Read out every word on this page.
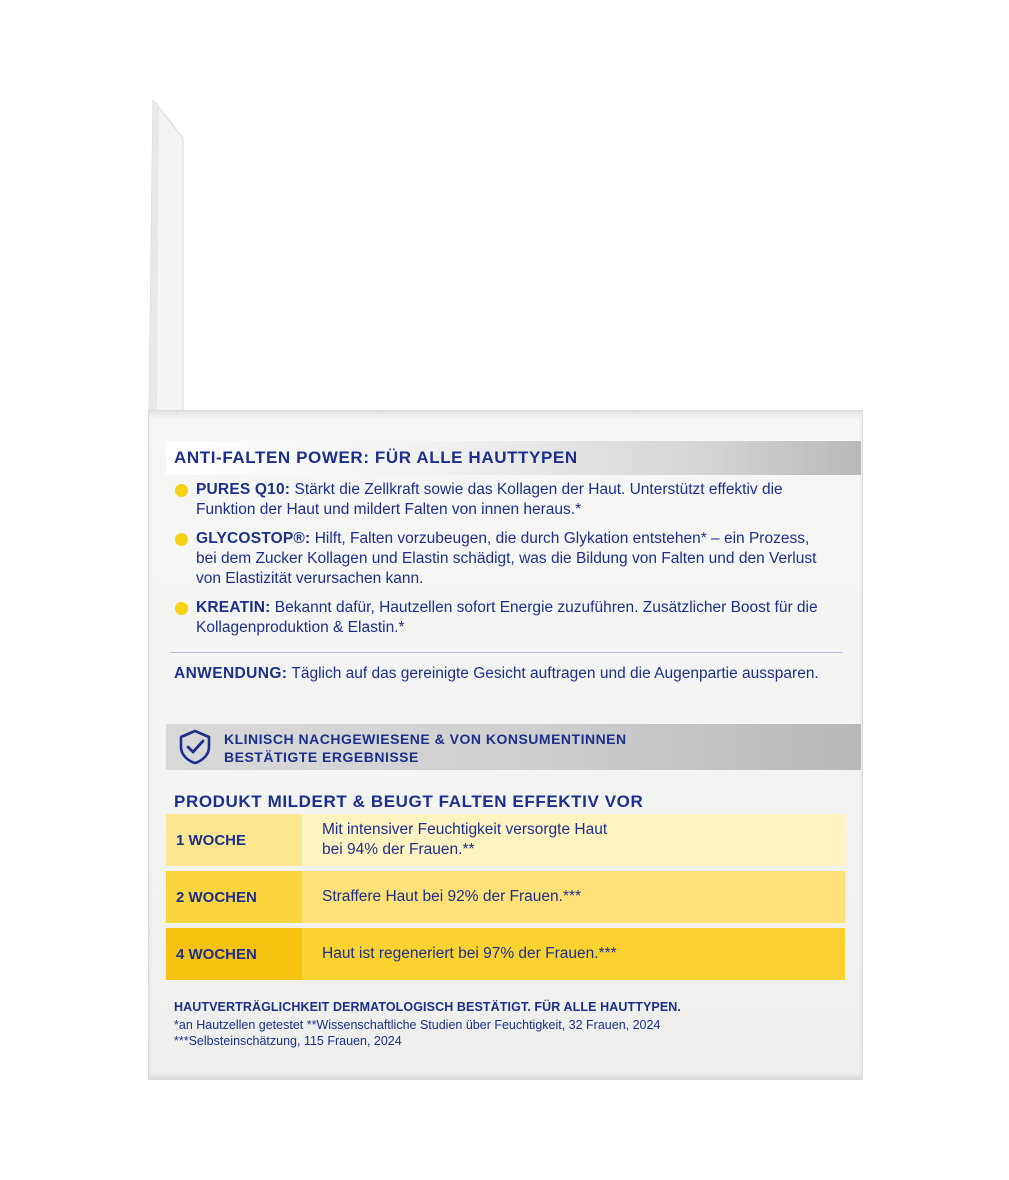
ANTI-FALTEN POWER: FÜR ALLE HAUTTYPEN
PURES Q10: Stärkt die Zellkraft sowie das Kollagen der Haut. Unterstützt effektiv die Funktion der Haut und mildert Falten von innen heraus.*
GLYCOSTOP®: Hilft, Falten vorzubeugen, die durch Glykation entstehen* – ein Prozess, bei dem Zucker Kollagen und Elastin schädigt, was die Bildung von Falten und den Verlust von Elastizität verursachen kann.
KREATIN: Bekannt dafür, Hautzellen sofort Energie zuzuführen. Zusätzlicher Boost für die Kollagenproduktion & Elastin.*
ANWENDUNG: Täglich auf das gereinigte Gesicht auftragen und die Augenpartie aussparen.
KLINISCH NACHGEWIESENE & VON KONSUMENTINNEN
BESTÄTIGTE ERGEBNISSE
PRODUKT MILDERT & BEUGT FALTEN EFFEKTIV VOR
1 WOCHE
Mit intensiver Feuchtigkeit versorgte Haut
bei 94% der Frauen.**
2 WOCHEN	Straffere Haut bei 92% der Frauen.***
4 WOCHEN	Haut ist regeneriert bei 97% der Frauen.***
HAUTVERTRÄGLICHKEIT DERMATOLOGISCH BESTÄTIGT. FÜR ALLE HAUTTYPEN.
*an Hautzellen getestet **Wissenschaftliche Studien über Feuchtigkeit, 32 Frauen, 2024
***Selbsteinschätzung, 115 Frauen, 2024
